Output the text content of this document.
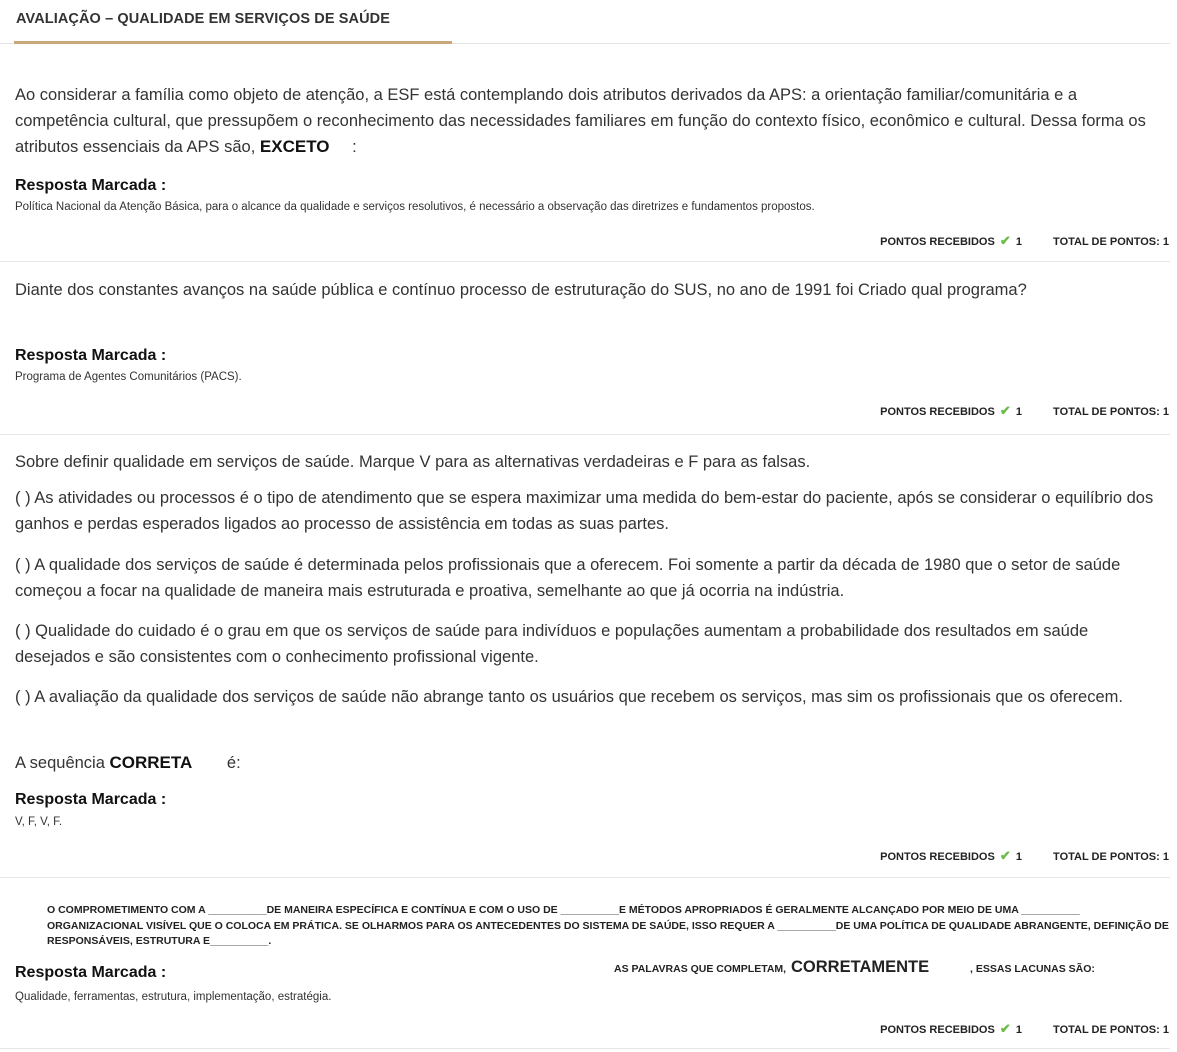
AVALIAÇÃO – QUALIDADE EM SERVIÇOS DE SAÚDE
Ao considerar a família como objeto de atenção, a ESF está contemplando dois atributos derivados da APS: a orientação familiar/comunitária e a competência cultural, que pressupõem o reconhecimento das necessidades familiares em função do contexto físico, econômico e cultural. Dessa forma os atributos essenciais da APS são, EXCETO :
Resposta Marcada :
Política Nacional da Atenção Básica, para o alcance da qualidade e serviços resolutivos, é necessário a observação das diretrizes e fundamentos propostos.
PONTOS RECEBIDOS ✔ 1	TOTAL DE PONTOS: 1
Diante dos constantes avanços na saúde pública e contínuo processo de estruturação do SUS, no ano de 1991 foi Criado qual programa?
Resposta Marcada :
Programa de Agentes Comunitários (PACS).
PONTOS RECEBIDOS ✔ 1	TOTAL DE PONTOS: 1
Sobre definir qualidade em serviços de saúde. Marque V para as alternativas verdadeiras e F para as falsas.
( ) As atividades ou processos é o tipo de atendimento que se espera maximizar uma medida do bem-estar do paciente, após se considerar o equilíbrio dos ganhos e perdas esperados ligados ao processo de assistência em todas as suas partes.
( ) A qualidade dos serviços de saúde é determinada pelos profissionais que a oferecem. Foi somente a partir da década de 1980 que o setor de saúde começou a focar na qualidade de maneira mais estruturada e proativa, semelhante ao que já ocorria na indústria.
( ) Qualidade do cuidado é o grau em que os serviços de saúde para indivíduos e populações aumentam a probabilidade dos resultados em saúde desejados e são consistentes com o conhecimento profissional vigente.
( ) A avaliação da qualidade dos serviços de saúde não abrange tanto os usuários que recebem os serviços, mas sim os profissionais que os oferecem.
A sequência CORRETA é:
Resposta Marcada :
V, F, V, F.
PONTOS RECEBIDOS ✔ 1	TOTAL DE PONTOS: 1
O COMPROMETIMENTO COM A __________DE MANEIRA ESPECÍFICA E CONTÍNUA E COM O USO DE __________E MÉTODOS APROPRIADOS É GERALMENTE ALCANÇADO POR MEIO DE UMA __________ ORGANIZACIONAL VISÍVEL QUE O COLOCA EM PRÁTICA. SE OLHARMOS PARA OS ANTECEDENTES DO SISTEMA DE SAÚDE, ISSO REQUER A __________DE UMA POLÍTICA DE QUALIDADE ABRANGENTE, DEFINIÇÃO DE RESPONSÁVEIS, ESTRUTURA E__________.
Resposta Marcada :	AS PALAVRAS QUE COMPLETAM, CORRETAMENTE	, ESSAS LACUNAS SÃO:
Qualidade, ferramentas, estrutura, implementação, estratégia.
PONTOS RECEBIDOS ✔ 1	TOTAL DE PONTOS: 1
